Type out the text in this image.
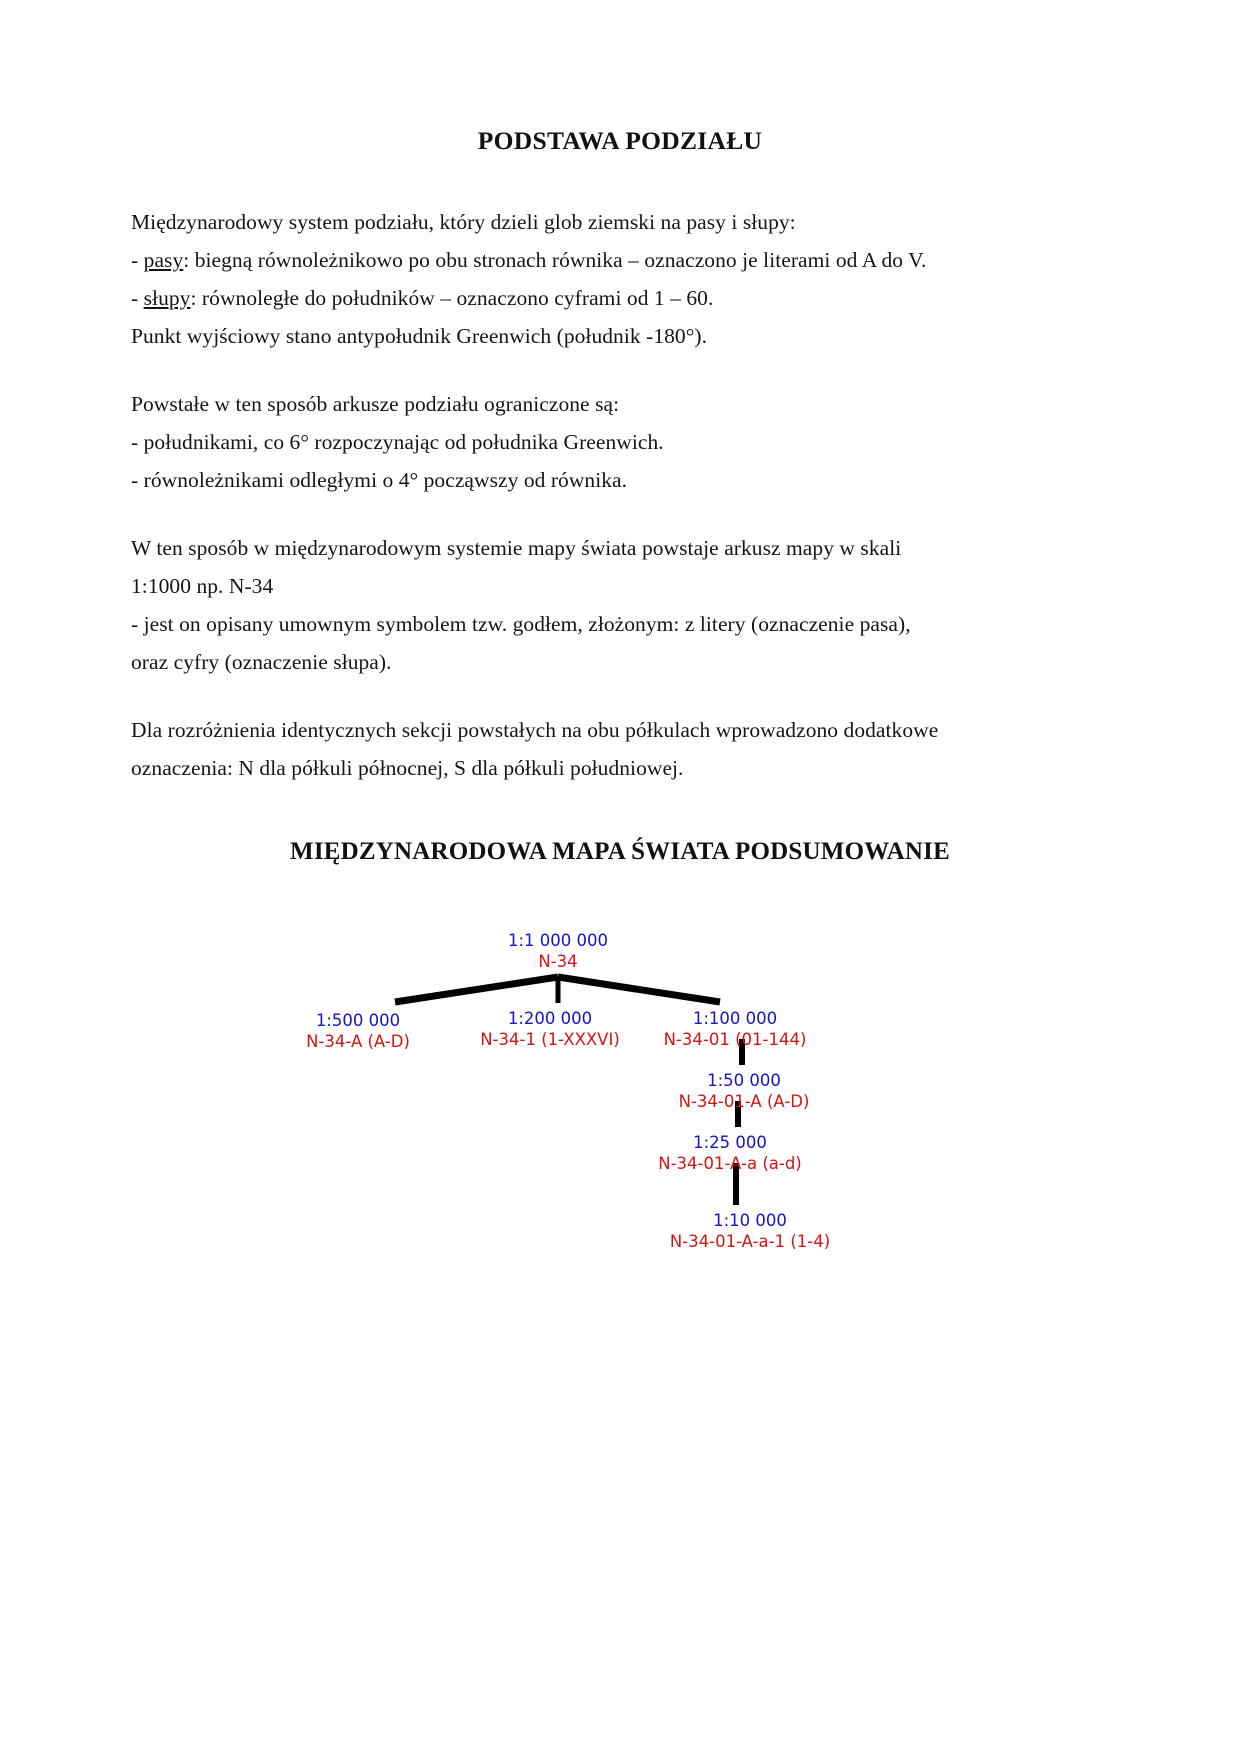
PODSTAWA PODZIAŁU
Międzynarodowy system podziału, który dzieli glob ziemski na pasy i słupy:
- pasy: biegną równoleżnikowo po obu stronach równika – oznaczono je literami od A do V.
- słupy: równoległe do południków – oznaczono cyframi od 1 – 60.
Punkt wyjściowy stano antypołudnik Greenwich (południk -180°).
Powstałe w ten sposób arkusze podziału ograniczone są:
- południkami, co 6° rozpoczynając od południka Greenwich.
- równoleżnikami odległymi o 4° począwszy od równika.
W ten sposób w międzynarodowym systemie mapy świata powstaje arkusz mapy w skali
1:1000 np. N-34
- jest on opisany umownym symbolem tzw. godłem, złożonym: z litery (oznaczenie pasa),
oraz cyfry (oznaczenie słupa).
Dla rozróżnienia identycznych sekcji powstałych na obu półkulach wprowadzono dodatkowe
oznaczenia: N dla półkuli północnej, S dla półkuli południowej.
MIĘDZYNARODOWA MAPA ŚWIATA PODSUMOWANIE
1:1 000 000
N-34
1:500 000
N-34-A (A-D)
1:200 000
N-34-1 (1-XXXVI)
1:100 000
N-34-01 (01-144)
1:50 000
N-34-01-A (A-D)
1:25 000
N-34-01-A-a (a-d)
1:10 000
N-34-01-A-a-1 (1-4)
